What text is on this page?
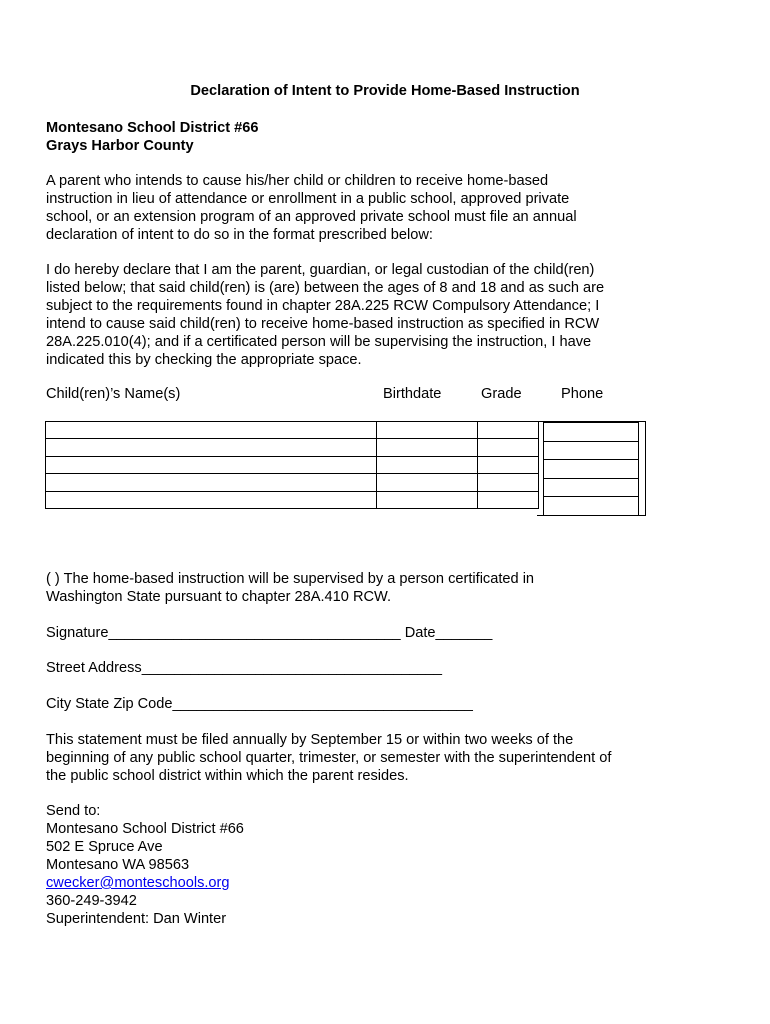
Declaration of Intent to Provide Home-Based Instruction
Montesano School District #66
Grays Harbor County
A parent who intends to cause his/her child or children to receive home-based
instruction in lieu of attendance or enrollment in a public school, approved private
school, or an extension program of an approved private school must file an annual
declaration of intent to do so in the format prescribed below:
I do hereby declare that I am the parent, guardian, or legal custodian of the child(ren)
listed below; that said child(ren) is (are) between the ages of 8 and 18 and as such are
subject to the requirements found in chapter 28A.225 RCW Compulsory Attendance; I
intend to cause said child(ren) to receive home-based instruction as specified in RCW
28A.225.010(4); and if a certificated person will be supervising the instruction, I have
indicated this by checking the appropriate space.
Child(ren)’s Name(s)	Birthdate	Grade	Phone

( ) The home-based instruction will be supervised by a person certificated in
Washington State pursuant to chapter 28A.410 RCW.
Signature____________________________________ Date_______
Street Address_____________________________________
City State Zip Code_____________________________________
This statement must be filed annually by September 15 or within two weeks of the
beginning of any public school quarter, trimester, or semester with the superintendent of
the public school district within which the parent resides.
Send to:
Montesano School District #66
502 E Spruce Ave
Montesano WA 98563
cwecker@monteschools.org
360-249-3942
Superintendent: Dan Winter
